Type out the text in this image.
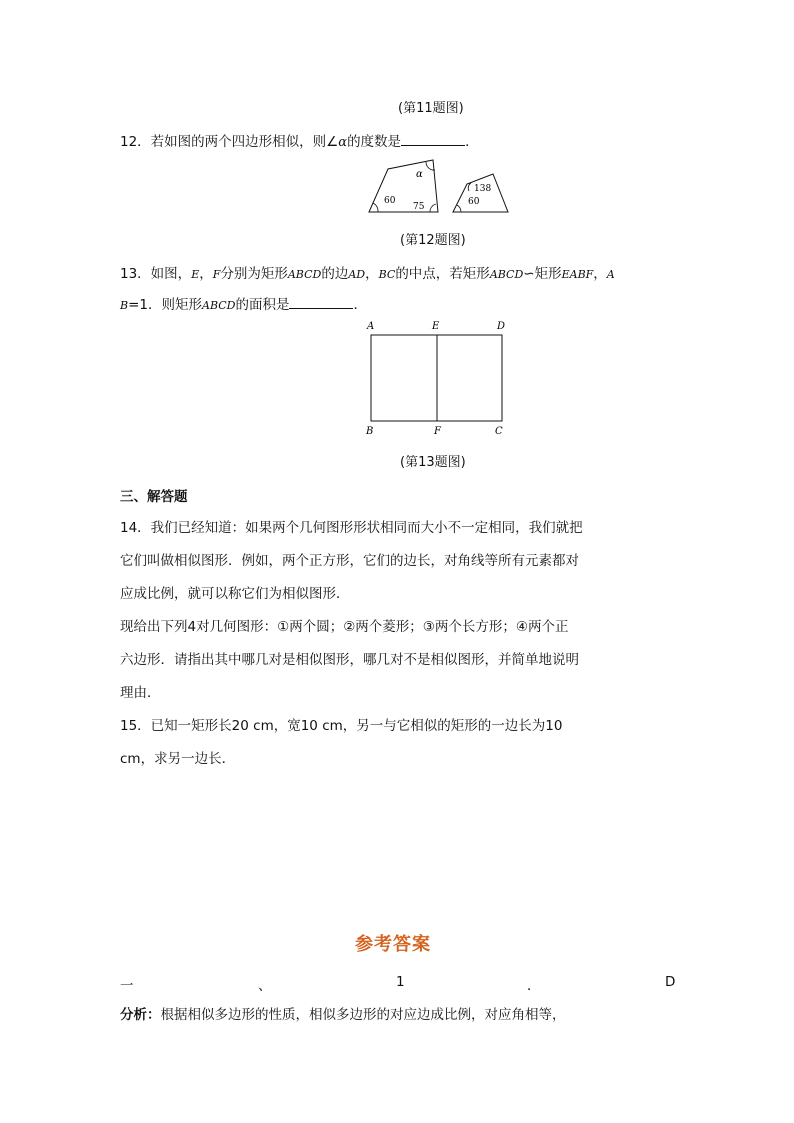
(第11题图)
12．若如图的两个四边形相似，则∠α的度数是	．
α
60
75
138
60
(第12题图)
13．如图，E，F分别为矩形ABCD的边AD，BC的中点，若矩形ABCD∽矩形EABF，A
B=1．则矩形ABCD的面积是	．
A	E	D
B	F	C
(第13题图)
三、解答题
14．我们已经知道：如果两个几何图形形状相同而大小不一定相同，我们就把
它们叫做相似图形．例如，两个正方形，它们的边长，对角线等所有元素都对
应成比例，就可以称它们为相似图形．
现给出下列4对几何图形：①两个圆；②两个菱形；③两个长方形；④两个正
六边形．请指出其中哪几对是相似图形，哪几对不是相似图形，并简单地说明
理由．
15．已知一矩形长20 cm，宽10 cm，另一与它相似的矩形的一边长为10
cm，求另一边长．
参考答案
一	、	1	．	D
分析：根据相似多边形的性质，相似多边形的对应边成比例，对应角相等，
